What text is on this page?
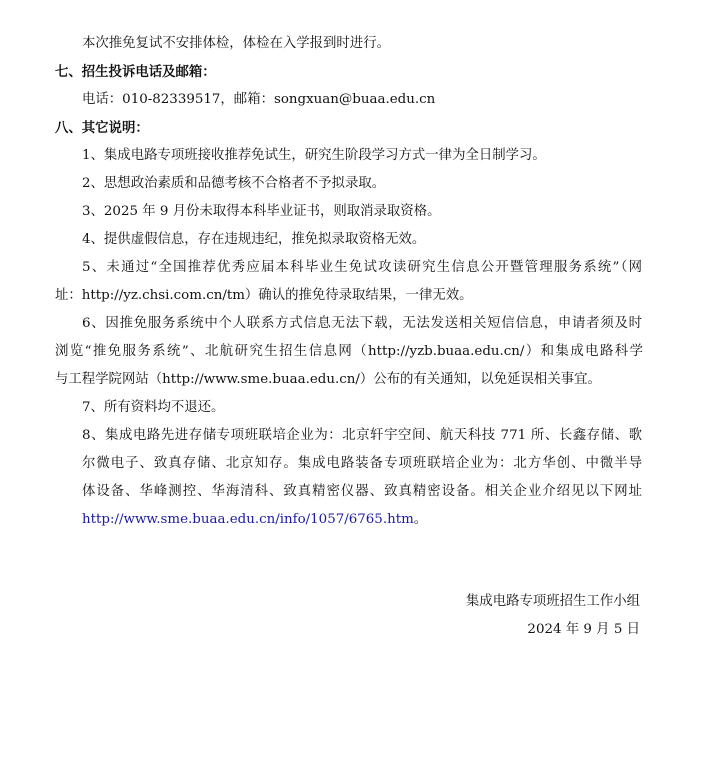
本次推免复试不安排体检，体检在入学报到时进行。
七、招生投诉电话及邮箱：
电话：010-82339517，邮箱：songxuan@buaa.edu.cn
八、其它说明：
1、集成电路专项班接收推荐免试生，研究生阶段学习方式一律为全日制学习。
2、思想政治素质和品德考核不合格者不予拟录取。
3、2025 年 9 月份未取得本科毕业证书，则取消录取资格。
4、提供虚假信息，存在违规违纪，推免拟录取资格无效。
5、未通过“全国推荐优秀应届本科毕业生免试攻读研究生信息公开暨管理服务系统”（网
址：http://yz.chsi.com.cn/tm）确认的推免待录取结果，一律无效。
6、因推免服务系统中个人联系方式信息无法下载，无法发送相关短信信息，申请者须及时
浏览“推免服务系统”、北航研究生招生信息网（http://yzb.buaa.edu.cn/）和集成电路科学
与工程学院网站（http://www.sme.buaa.edu.cn/）公布的有关通知，以免延误相关事宜。
7、所有资料均不退还。
8、集成电路先进存储专项班联培企业为：北京轩宇空间、航天科技 771 所、长鑫存储、歌
尔微电子、致真存储、北京知存。集成电路装备专项班联培企业为：北方华创、中微半导
体设备、华峰测控、华海清科、致真精密仪器、致真精密设备。相关企业介绍见以下网址
http://www.sme.buaa.edu.cn/info/1057/6765.htm。
集成电路专项班招生工作小组
2024 年 9 月 5 日
